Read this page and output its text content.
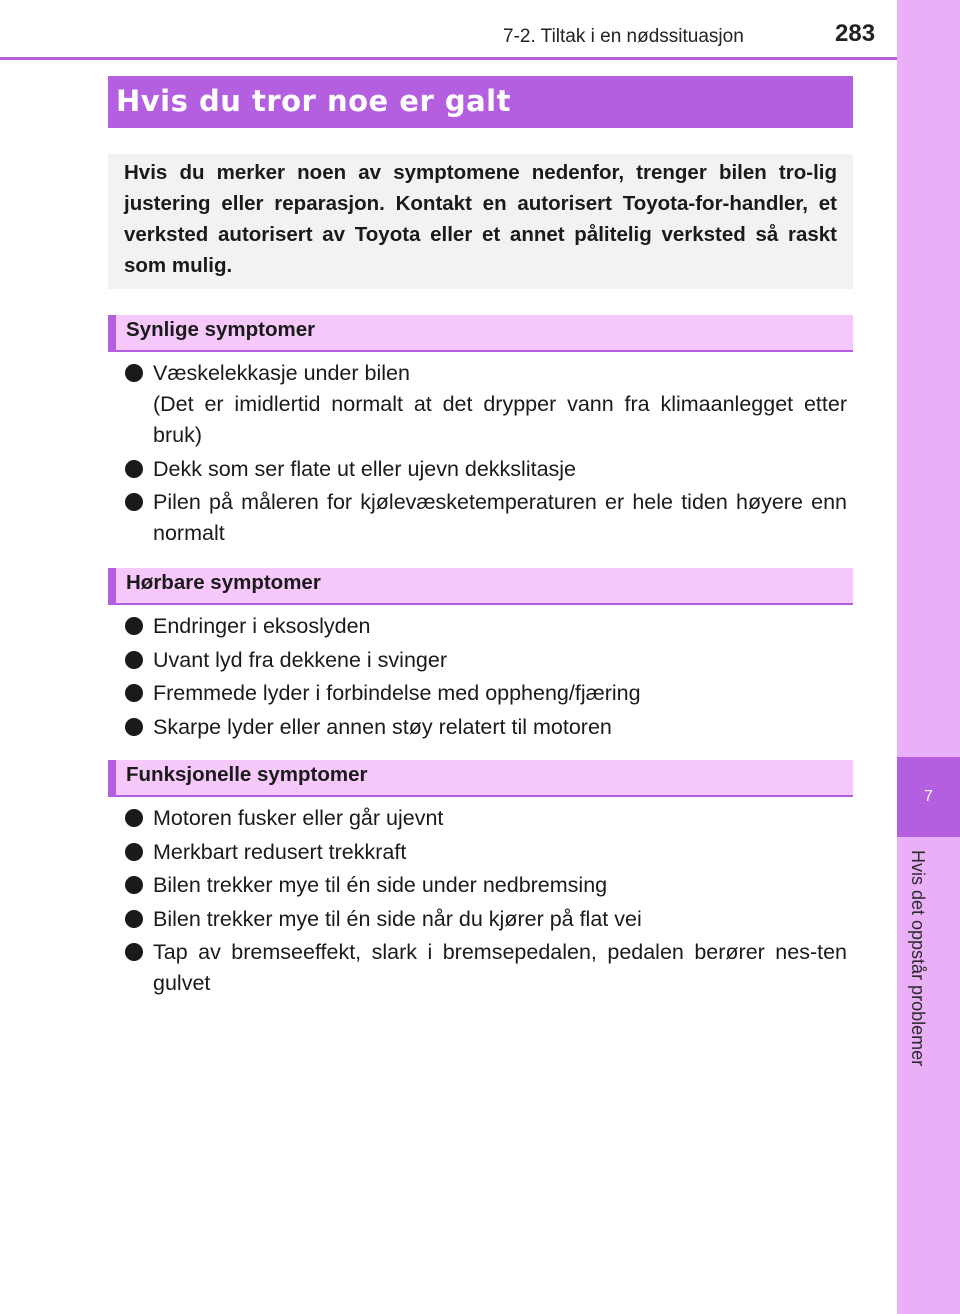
7
Hvis det oppstår problemer
7-2. Tiltak i en nødssituasjon	283
Hvis du tror noe er galt

Hvis du merker noen av symptomene nedenfor, trenger bilen tro-lig justering eller reparasjon. Kontakt en autorisert Toyota-for-handler, et verksted autorisert av Toyota eller et annet pålitelig verksted så raskt som mulig.

Synlige symptomer
Væskelekkasje under bilen
(Det er imidlertid normalt at det drypper vann fra klimaanlegget etter bruk)
Dekk som ser flate ut eller ujevn dekkslitasje
Pilen på måleren for kjølevæsketemperaturen er hele tiden høyere enn normalt
Hørbare symptomer
Endringer i eksoslyden
Uvant lyd fra dekkene i svinger
Fremmede lyder i forbindelse med oppheng/fjæring
Skarpe lyder eller annen støy relatert til motoren
Funksjonelle symptomer
Motoren fusker eller går ujevnt
Merkbart redusert trekkraft
Bilen trekker mye til én side under nedbremsing
Bilen trekker mye til én side når du kjører på flat vei
Tap av bremseeffekt, slark i bremsepedalen, pedalen berører nes-ten gulvet
